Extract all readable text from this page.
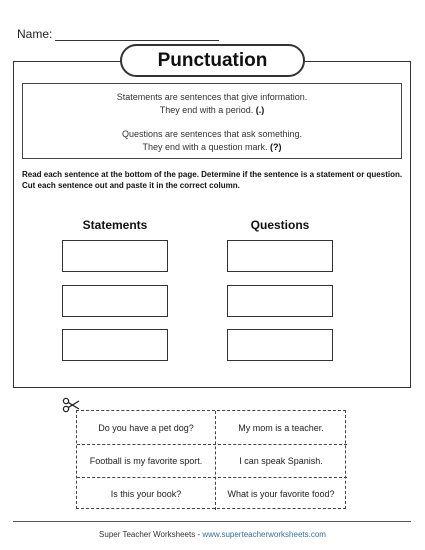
Name:
Punctuation
Statements are sentences that give information.
They end with a period. (.)
Questions are sentences that ask something.
They end with a question mark. (?)
Read each sentence at the bottom of the page. Determine if the sentence is a statement or question. Cut each sentence out and paste it in the correct column.
Statements	Questions
Do you have a pet dog?	My mom is a teacher.
Football is my favorite sport.	I can speak Spanish.
Is this your book?	What is your favorite food?
Super Teacher Worksheets - www.superteacherworksheets.com
